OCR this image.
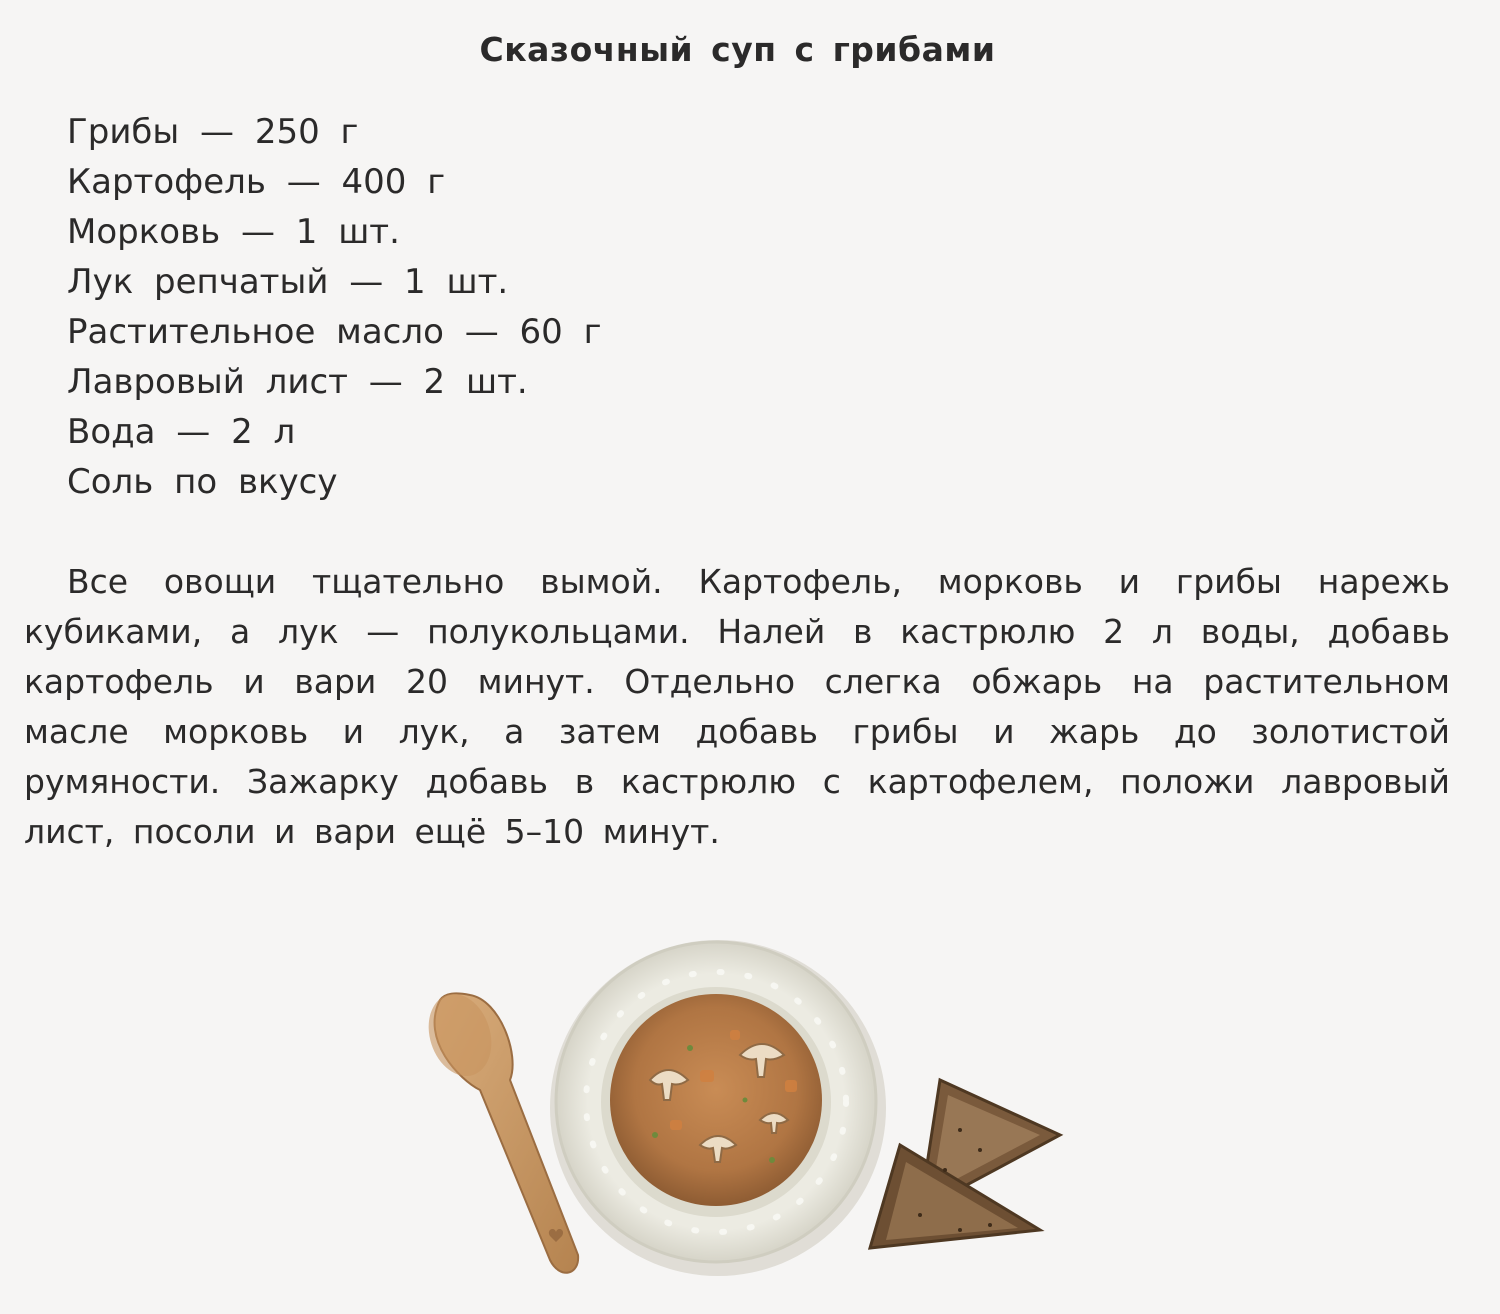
Сказочный суп с грибами
Грибы — 250 г
Картофель — 400 г
Морковь — 1 шт.
Лук репчатый — 1 шт.
Растительное масло — 60 г
Лавровый лист — 2 шт.
Вода — 2 л
Соль по вкусу

Все овощи тщательно вымой. Картофель, морковь и грибы нарежь кубиками, а лук — полукольцами. Налей в кастрюлю 2 л воды, добавь картофель и вари 20 минут. Отдельно слегка обжарь на растительном масле морковь и лук, а затем добавь грибы и жарь до золотистой румяности. Зажарку добавь в кастрюлю с картофелем, положи лавровый лист, посоли и вари ещё 5–10 минут.
